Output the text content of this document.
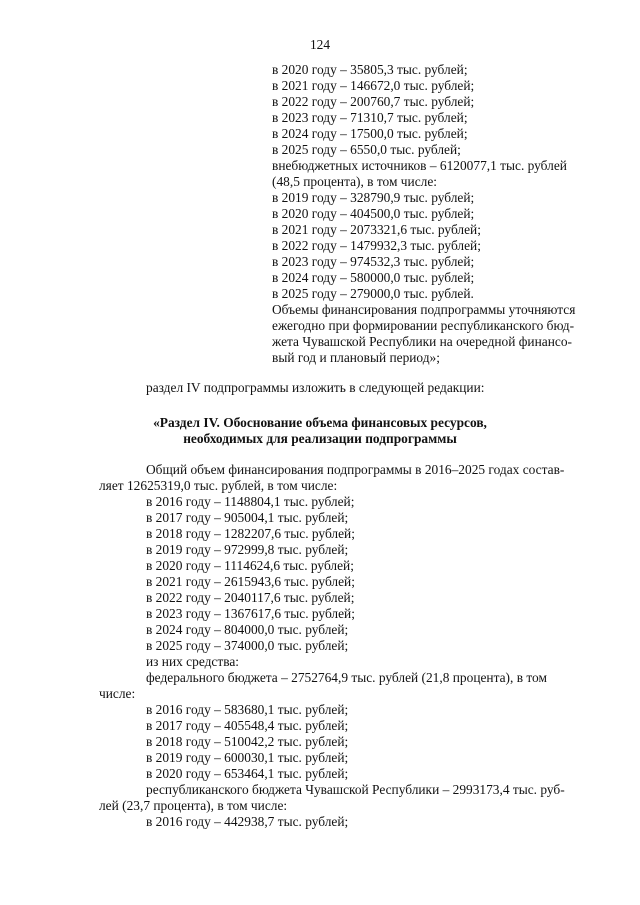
124
в 2020 году – 35805,3 тыс. рублей;
в 2021 году – 146672,0 тыс. рублей;
в 2022 году – 200760,7 тыс. рублей;
в 2023 году – 71310,7 тыс. рублей;
в 2024 году – 17500,0 тыс. рублей;
в 2025 году – 6550,0 тыс. рублей;
внебюджетных источников – 6120077,1 тыс. рублей
(48,5 процента), в том числе:
в 2019 году – 328790,9 тыс. рублей;
в 2020 году – 404500,0 тыс. рублей;
в 2021 году – 2073321,6 тыс. рублей;
в 2022 году – 1479932,3 тыс. рублей;
в 2023 году – 974532,3 тыс. рублей;
в 2024 году – 580000,0 тыс. рублей;
в 2025 году – 279000,0 тыс. рублей.
Объемы финансирования подпрограммы уточняются
ежегодно при формировании республиканского бюд-
жета Чувашской Республики на очередной финансо-
вый год и плановый период»;
раздел IV подпрограммы изложить в следующей редакции:
«Раздел IV. Обоснование объема финансовых ресурсов,
необходимых для реализации подпрограммы
Общий объем финансирования подпрограммы в 2016–2025 годах состав-
ляет 12625319,0 тыс. рублей, в том числе:
в 2016 году – 1148804,1 тыс. рублей;
в 2017 году – 905004,1 тыс. рублей;
в 2018 году – 1282207,6 тыс. рублей;
в 2019 году – 972999,8 тыс. рублей;
в 2020 году – 1114624,6 тыс. рублей;
в 2021 году – 2615943,6 тыс. рублей;
в 2022 году – 2040117,6 тыс. рублей;
в 2023 году – 1367617,6 тыс. рублей;
в 2024 году – 804000,0 тыс. рублей;
в 2025 году – 374000,0 тыс. рублей;
из них средства:
федерального бюджета – 2752764,9 тыс. рублей (21,8 процента), в том
числе:
в 2016 году – 583680,1 тыс. рублей;
в 2017 году – 405548,4 тыс. рублей;
в 2018 году – 510042,2 тыс. рублей;
в 2019 году – 600030,1 тыс. рублей;
в 2020 году – 653464,1 тыс. рублей;
республиканского бюджета Чувашской Республики – 2993173,4 тыс. руб-
лей (23,7 процента), в том числе:
в 2016 году – 442938,7 тыс. рублей;
